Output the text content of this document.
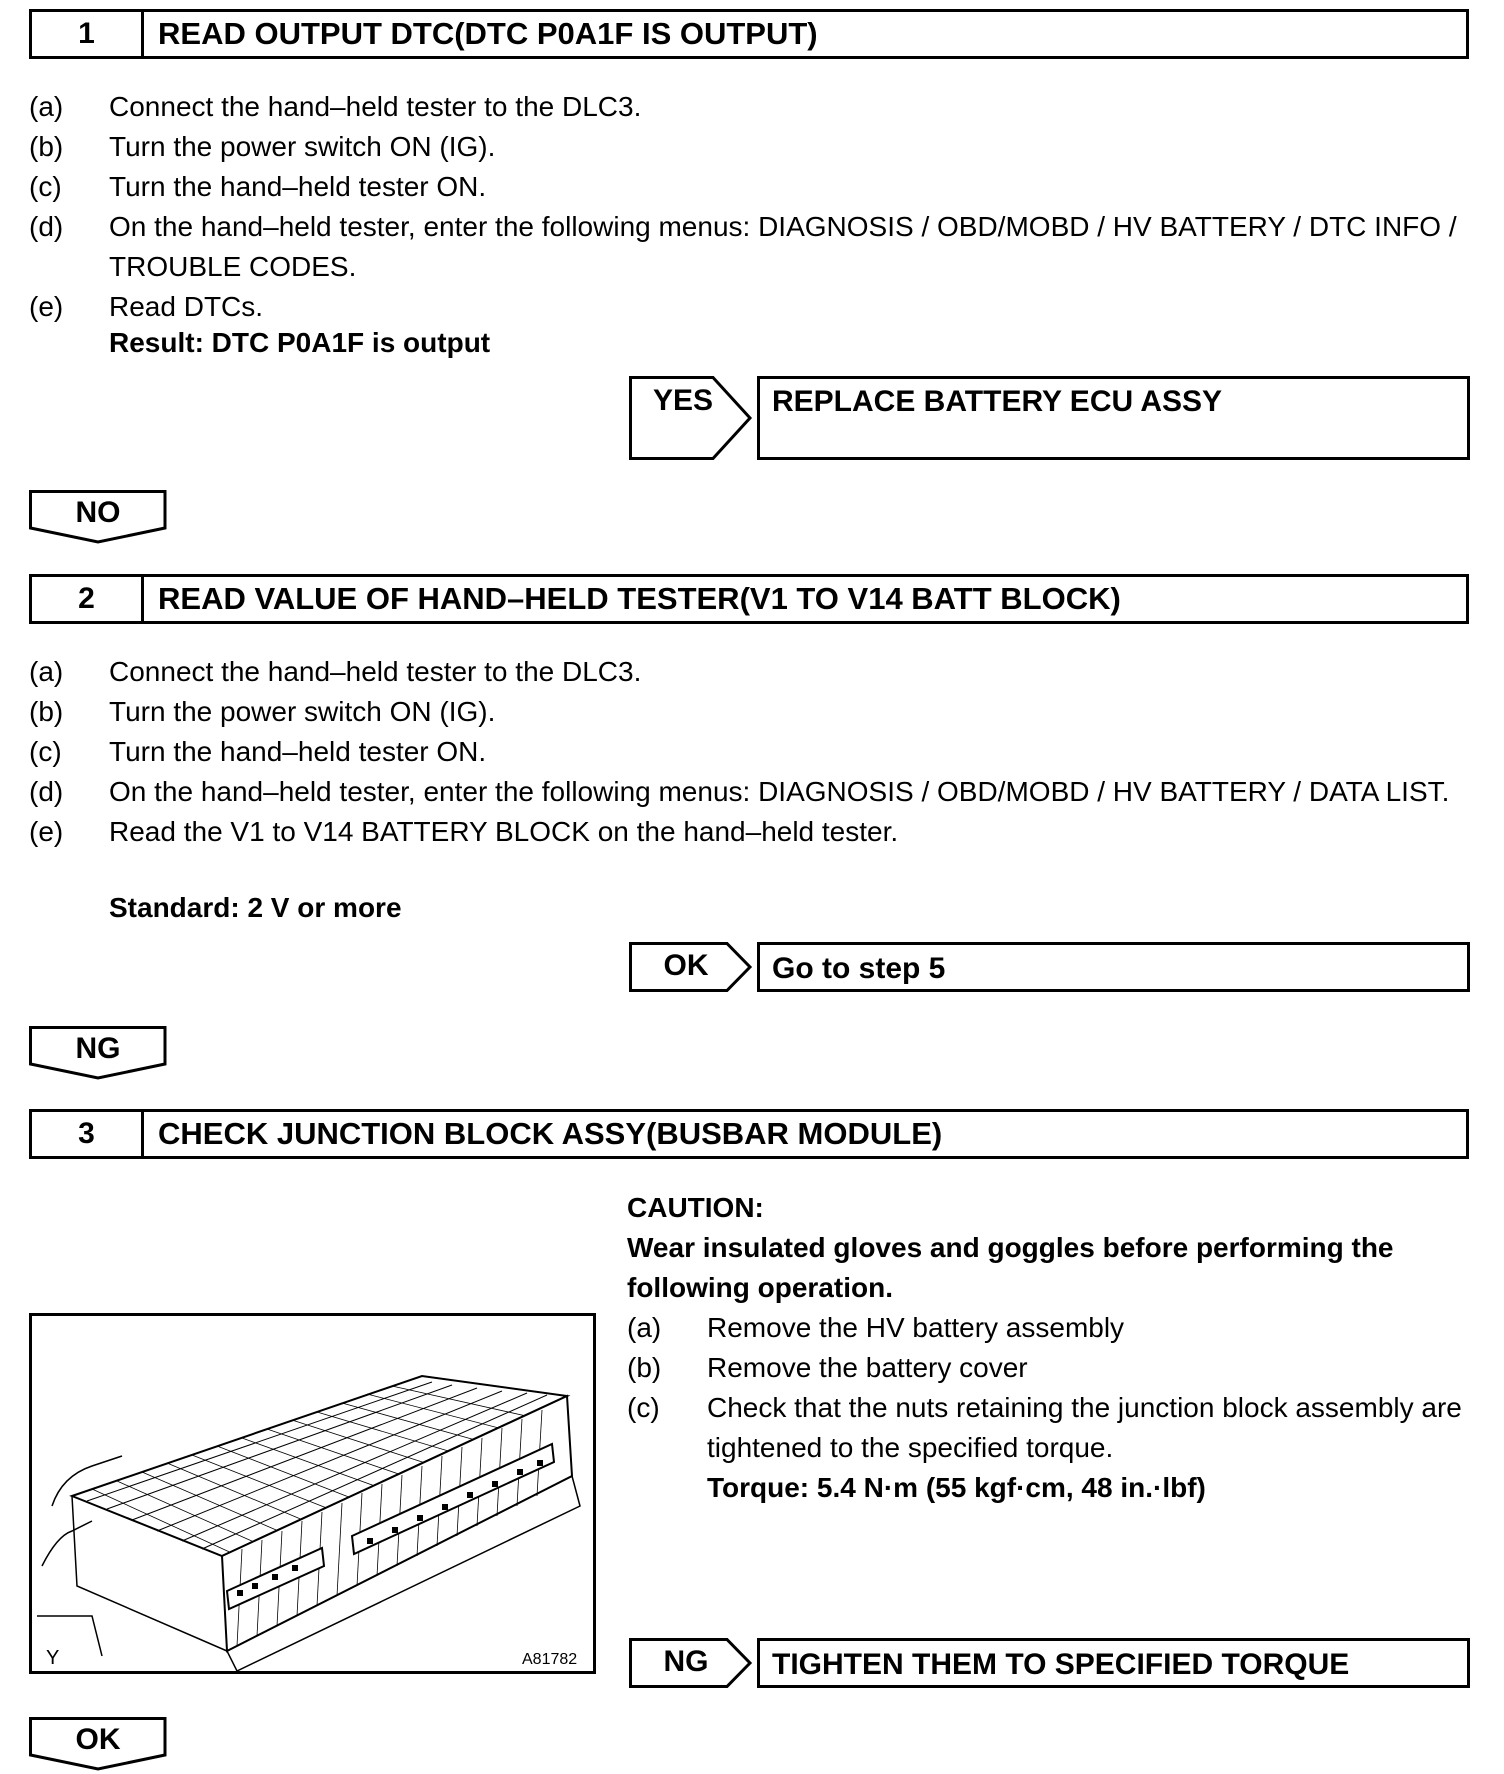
1	READ OUTPUT DTC(DTC P0A1F IS OUTPUT)
(a)	Connect the hand–held tester to the DLC3.
(b)	Turn the power switch ON (IG).
(c)	Turn the hand–held tester ON.
(d)	On the hand–held tester, enter the following menus: DIAGNOSIS / OBD/MOBD / HV BATTERY / DTC INFO / TROUBLE CODES.
(e)	Read DTCs.
Result: DTC P0A1F is output
YES	REPLACE BATTERY ECU ASSY
NO
2	READ VALUE OF HAND–HELD TESTER(V1 TO V14 BATT BLOCK)
(a)	Connect the hand–held tester to the DLC3.
(b)	Turn the power switch ON (IG).
(c)	Turn the hand–held tester ON.
(d)	On the hand–held tester, enter the following menus: DIAGNOSIS / OBD/MOBD / HV BATTERY / DATA LIST.
(e)	Read the V1 to V14 BATTERY BLOCK on the hand–held tester.
Standard: 2 V or more
OK	Go to step 5
NG
3	CHECK JUNCTION BLOCK ASSY(BUSBAR MODULE)
Y	A81782
CAUTION:
Wear insulated gloves and goggles before performing the following operation.
(a)	Remove the HV battery assembly
(b)	Remove the battery cover
(c)	Check that the nuts retaining the junction block assembly are tightened to the specified torque.
Torque: 5.4 N·m (55 kgf·cm, 48 in.·lbf)
NG	TIGHTEN THEM TO SPECIFIED TORQUE
OK
